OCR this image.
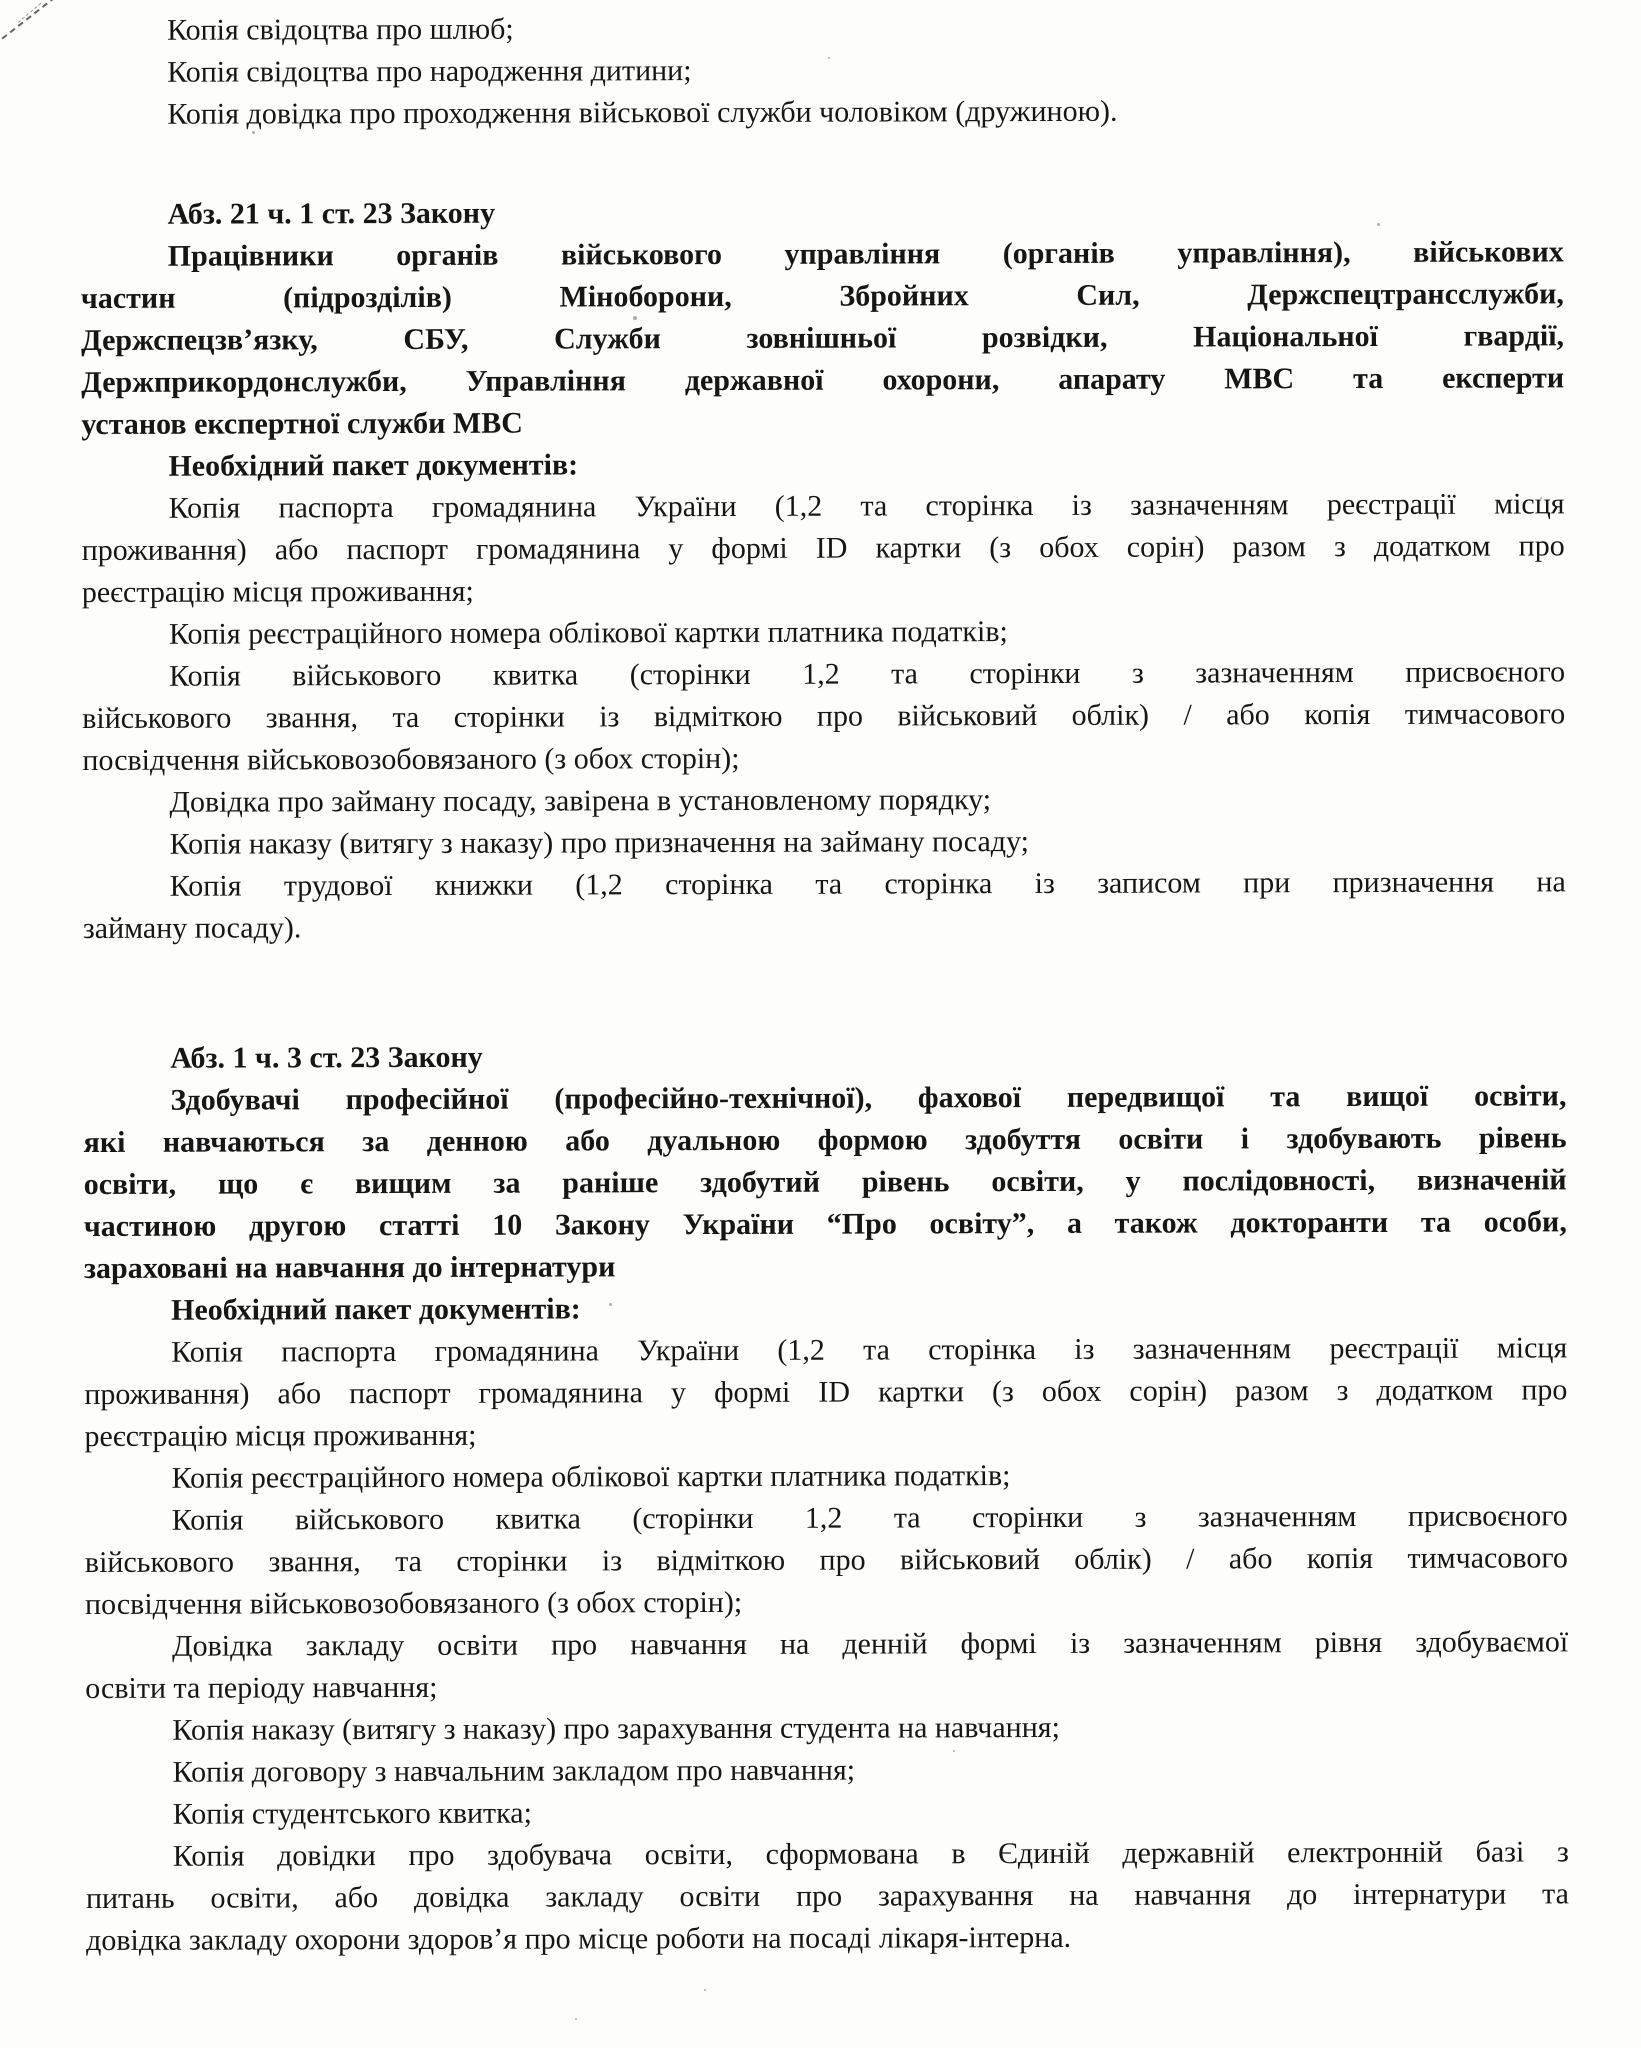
Копія свідоцтва про шлюб;
Копія свідоцтва про народження дитини;
Копія довідка про проходження військової служби чоловіком (дружиною).
Абз. 21 ч. 1 ст. 23 Закону
Працівники органів військового управління (органів управління), військових
частин (підрозділів) Міноборони, Збройних Сил, Держспецтрансслужби,
Держспецзв’язку, СБУ, Служби зовнішньої розвідки, Національної гвардії,
Держприкордонслужби, Управління державної охорони, апарату МВС та експерти
установ експертної служби МВС
Необхідний пакет документів:
Копія паспорта громадянина України (1,2 та сторінка із зазначенням реєстрації місця
проживання) або паспорт громадянина у формі ID картки (з обох сорін) разом з додатком про
реєстрацію місця проживання;
Копія реєстраційного номера облікової картки платника податків;
Копія військового квитка (сторінки 1,2 та сторінки з зазначенням присвоєного
військового звання, та сторінки із відміткою про військовий облік) / або копія тимчасового
посвідчення військовозобовязаного (з обох сторін);
Довідка про займану посаду, завірена в установленому порядку;
Копія наказу (витягу з наказу) про призначення на займану посаду;
Копія трудової книжки (1,2 сторінка та сторінка із записом при призначення на
займану посаду).
Абз. 1 ч. 3 ст. 23 Закону
Здобувачі професійної (професійно-технічної), фахової передвищої та вищої освіти,
які навчаються за денною або дуальною формою здобуття освіти і здобувають рівень
освіти, що є вищим за раніше здобутий рівень освіти, у послідовності, визначеній
частиною другою статті 10 Закону України “Про освіту”, а також докторанти та особи,
зараховані на навчання до інтернатури
Необхідний пакет документів:
Копія паспорта громадянина України (1,2 та сторінка із зазначенням реєстрації місця
проживання) або паспорт громадянина у формі ID картки (з обох сорін) разом з додатком про
реєстрацію місця проживання;
Копія реєстраційного номера облікової картки платника податків;
Копія військового квитка (сторінки 1,2 та сторінки з зазначенням присвоєного
військового звання, та сторінки із відміткою про військовий облік) / або копія тимчасового
посвідчення військовозобовязаного (з обох сторін);
Довідка закладу освіти про навчання на денній формі із зазначенням рівня здобуваємої
освіти та періоду навчання;
Копія наказу (витягу з наказу) про зарахування студента на навчання;
Копія договору з навчальним закладом про навчання;
Копія студентського квитка;
Копія довідки про здобувача освіти, сформована в Єдиній державній електронній базі з
питань освіти, або довідка закладу освіти про зарахування на навчання до інтернатури та
довідка закладу охорони здоров’я про місце роботи на посаді лікаря-інтерна.
